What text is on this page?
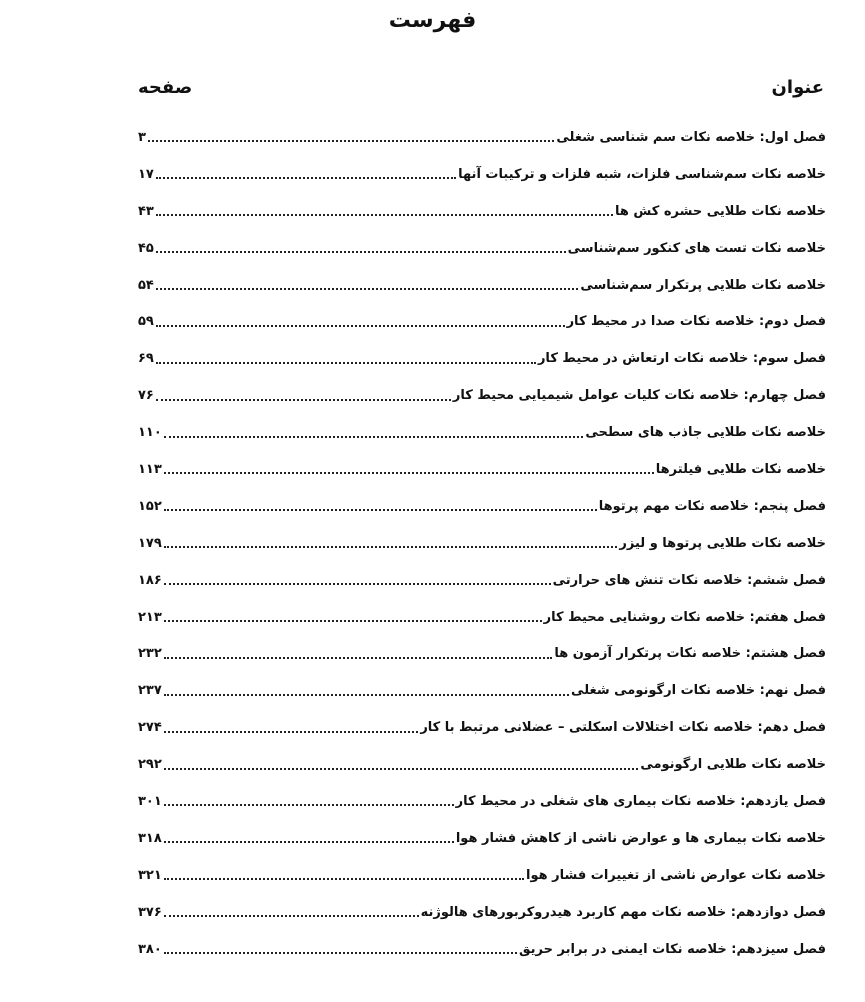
فهرست
عنوان
صفحه
فصل اول: خلاصه نکات سم شناسی شغلی
۳
خلاصه نکات سم‌شناسی فلزات، شبه فلزات و ترکیبات آنها
۱۷
خلاصه نکات طلایی حشره کش ها
۴۳
خلاصه نکات تست های کنکور سم‌شناسی
۴۵
خلاصه نکات طلایی پرتکرار سم‌شناسی
۵۴
فصل دوم: خلاصه نکات صدا در محیط کار
۵۹
فصل سوم: خلاصه نکات ارتعاش در محیط کار
۶۹
فصل چهارم: خلاصه نکات کلیات عوامل شیمیایی محیط کار
۷۶
خلاصه نکات طلایی جاذب های سطحی
۱۱۰
خلاصه نکات طلایی فیلترها
۱۱۳
فصل پنجم: خلاصه نکات مهم پرتوها
۱۵۲
خلاصه نکات طلایی پرتوها و لیزر
۱۷۹
فصل ششم: خلاصه نکات تنش های حرارتی
۱۸۶
فصل هفتم: خلاصه نکات روشنایی محیط کار
۲۱۳
فصل هشتم: خلاصه نکات پرتکرار آزمون ها
۲۳۲
فصل نهم: خلاصه نکات ارگونومی شغلی
۲۳۷
فصل دهم: خلاصه نکات اختلالات اسکلتی – عضلانی مرتبط با کار
۲۷۴
خلاصه نکات طلایی ارگونومی
۲۹۲
فصل یازدهم: خلاصه نکات بیماری های شغلی در محیط کار
۳۰۱
خلاصه نکات بیماری ها و عوارض ناشی از کاهش فشار هوا
۳۱۸
خلاصه نکات عوارض ناشی از تغییرات فشار هوا
۳۲۱
فصل دوازدهم: خلاصه نکات مهم کاربرد هیدروکربورهای هالوژنه
۳۷۶
فصل سیزدهم: خلاصه نکات ایمنی در برابر حریق
۳۸۰
